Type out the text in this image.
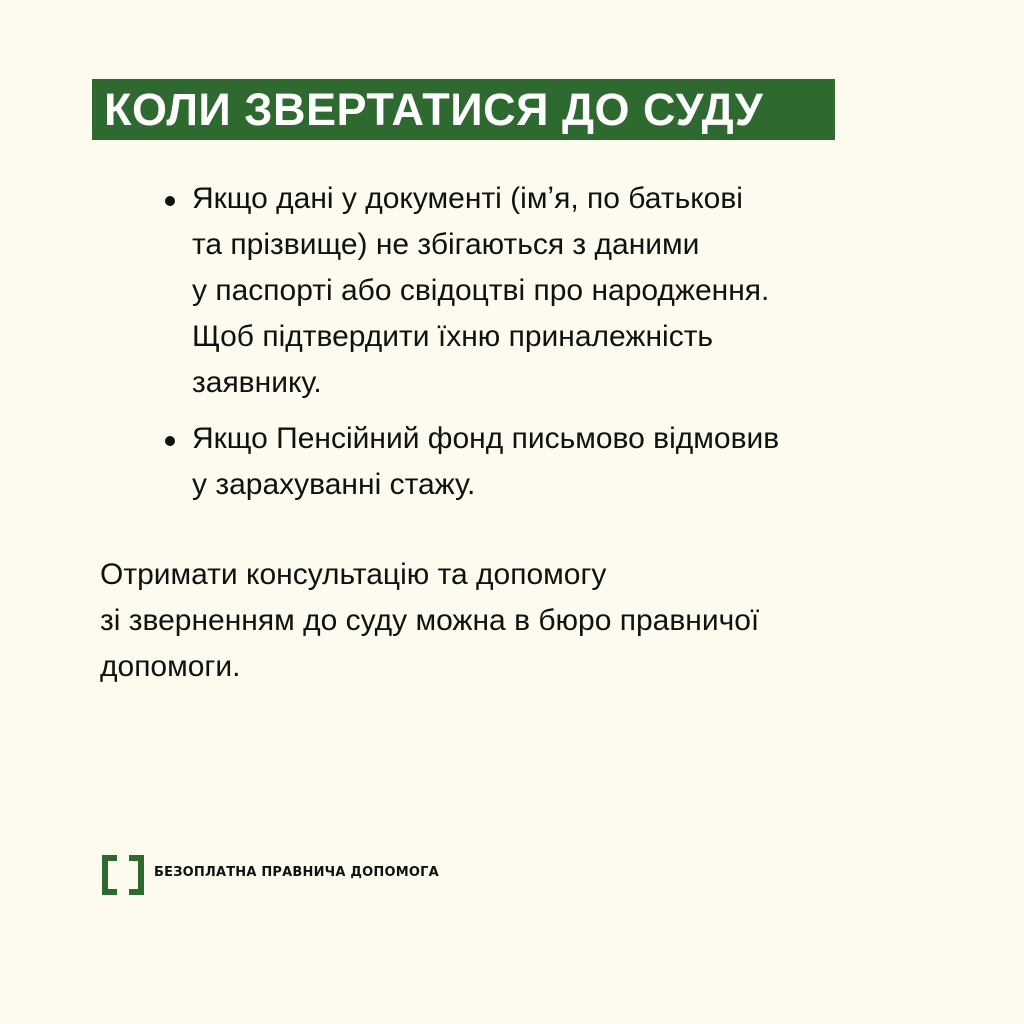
КОЛИ ЗВЕРТАТИСЯ ДО СУДУ
Якщо дані у документі (імʼя, по батькові
та прізвище) не збігаються з даними
у паспорті або свідоцтві про народження.
Щоб підтвердити їхню приналежність
заявнику.
Якщо Пенсійний фонд письмово відмовив
у зарахуванні стажу.
Отримати консультацію та допомогу
зі зверненням до суду можна в бюро правничої
допомоги.
БЕЗОПЛАТНА ПРАВНИЧА ДОПОМОГА
